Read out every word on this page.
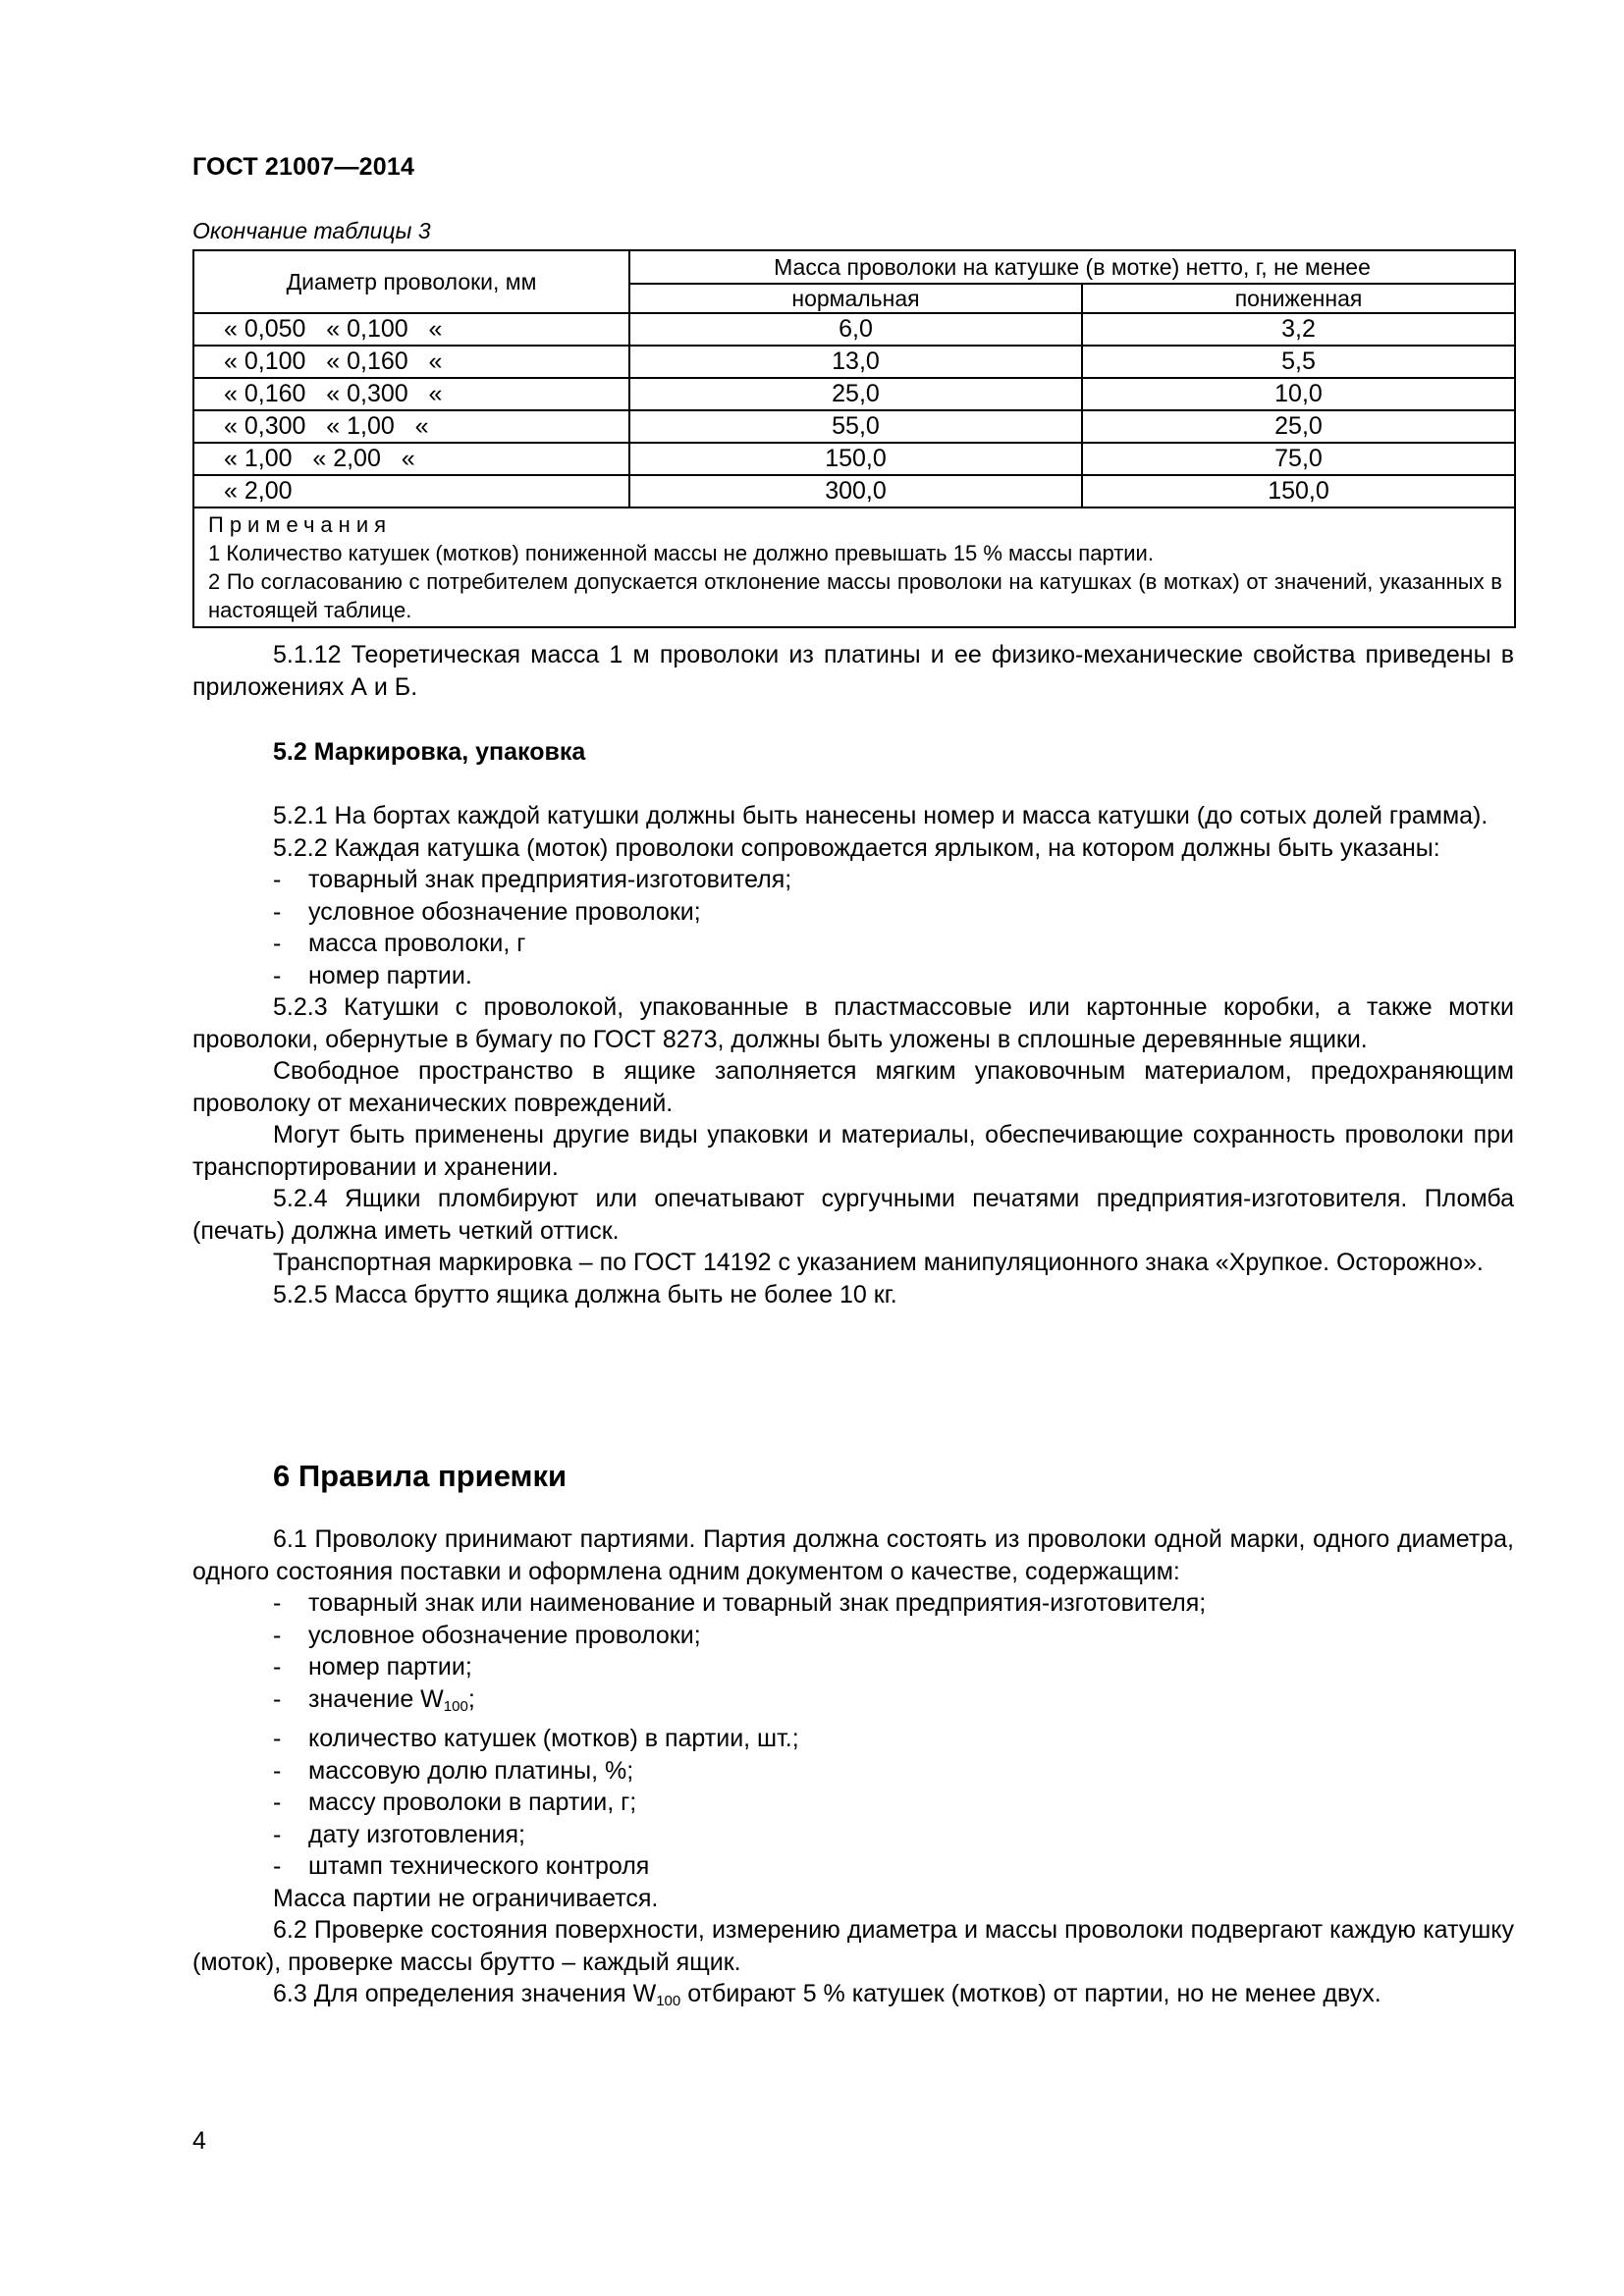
ГОСТ 21007—2014
Окончание таблицы 3
Диаметр проволоки, мм	Масса проволоки на катушке (в мотке) нетто, г, не менее	
	нормальная	пониженная
« 0,050   « 0,100   «	6,0	3,2
« 0,100   « 0,160   «	13,0	5,5
« 0,160   « 0,300   «	25,0	10,0
« 0,300   « 1,00   «	55,0	25,0
« 1,00   « 2,00   «	150,0	75,0
« 2,00	300,0	150,0

Примечания
1 Количество катушек (мотков) пониженной массы не должно превышать 15 % массы партии.
2 По согласованию с потребителем допускается отклонение массы проволоки на катушках (в мотках) от значений, указанных в настоящей таблице.		

5.1.12 Теоретическая масса 1 м проволоки из платины и ее физико-механические свойства приведены в приложениях А и Б.

5.2 Маркировка, упаковка

5.2.1 На бортах каждой катушки должны быть нанесены номер и масса катушки (до сотых долей грамма).

5.2.2 Каждая катушка (моток) проволоки сопровождается ярлыком, на котором должны быть указаны:

- товарный знак предприятия-изготовителя;

- условное обозначение проволоки;

- масса проволоки, г

- номер партии.

5.2.3 Катушки с проволокой, упакованные в пластмассовые или картонные коробки, а также мотки проволоки, обернутые в бумагу по ГОСТ 8273, должны быть уложены в сплошные деревянные ящики.

Свободное пространство в ящике заполняется мягким упаковочным материалом, предохраняющим проволоку от механических повреждений.

Могут быть применены другие виды упаковки и материалы, обеспечивающие сохранность проволоки при транспортировании и хранении.

5.2.4 Ящики пломбируют или опечатывают сургучными печатями предприятия-изготовителя. Пломба (печать) должна иметь четкий оттиск.

Транспортная маркировка – по ГОСТ 14192 с указанием манипуляционного знака «Хрупкое. Осторожно».

5.2.5 Масса брутто ящика должна быть не более 10 кг.

6 Правила приемки

6.1 Проволоку принимают партиями. Партия должна состоять из проволоки одной марки, одного диаметра, одного состояния поставки и оформлена одним документом о качестве, содержащим:

- товарный знак или наименование и товарный знак предприятия-изготовителя;

- условное обозначение проволоки;

- номер партии;

- значение $W_{100}$;

- количество катушек (мотков) в партии, шт.;

- массовую долю платины, %;

- массу проволоки в партии, г;

- дату изготовления;

- штамп технического контроля

Масса партии не ограничивается.

6.2 Проверке состояния поверхности, измерению диаметра и массы проволоки подвергают каждую катушку (моток), проверке массы брутто – каждый ящик.

6.3 Для определения значения $W_{100}$ отбирают 5 % катушек (мотков) от партии, но не менее двух.

4
